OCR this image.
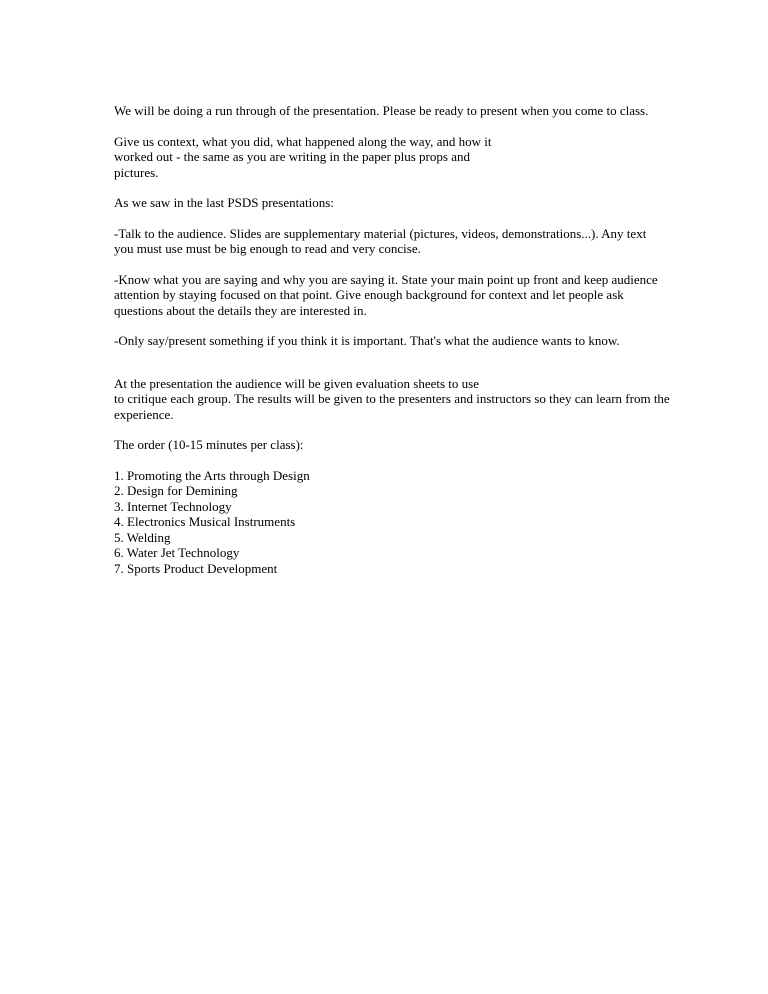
We will be doing a run through of the presentation. Please be ready to present when you come to class.

Give us context, what you did, what happened along the way, and how it
worked out - the same as you are writing in the paper plus props and
pictures.

As we saw in the last PSDS presentations:

-Talk to the audience. Slides are supplementary material (pictures, videos, demonstrations...). Any text
you must use must be big enough to read and very concise.

-Know what you are saying and why you are saying it. State your main point up front and keep audience
attention by staying focused on that point. Give enough background for context and let people ask
questions about the details they are interested in.

-Only say/present something if you think it is important. That's what the audience wants to know.

At the presentation the audience will be given evaluation sheets to use
to critique each group. The results will be given to the presenters and instructors so they can learn from the
experience.

The order (10-15 minutes per class):

1. Promoting the Arts through Design
2. Design for Demining
3. Internet Technology
4. Electronics Musical Instruments
5. Welding
6. Water Jet Technology
7. Sports Product Development
